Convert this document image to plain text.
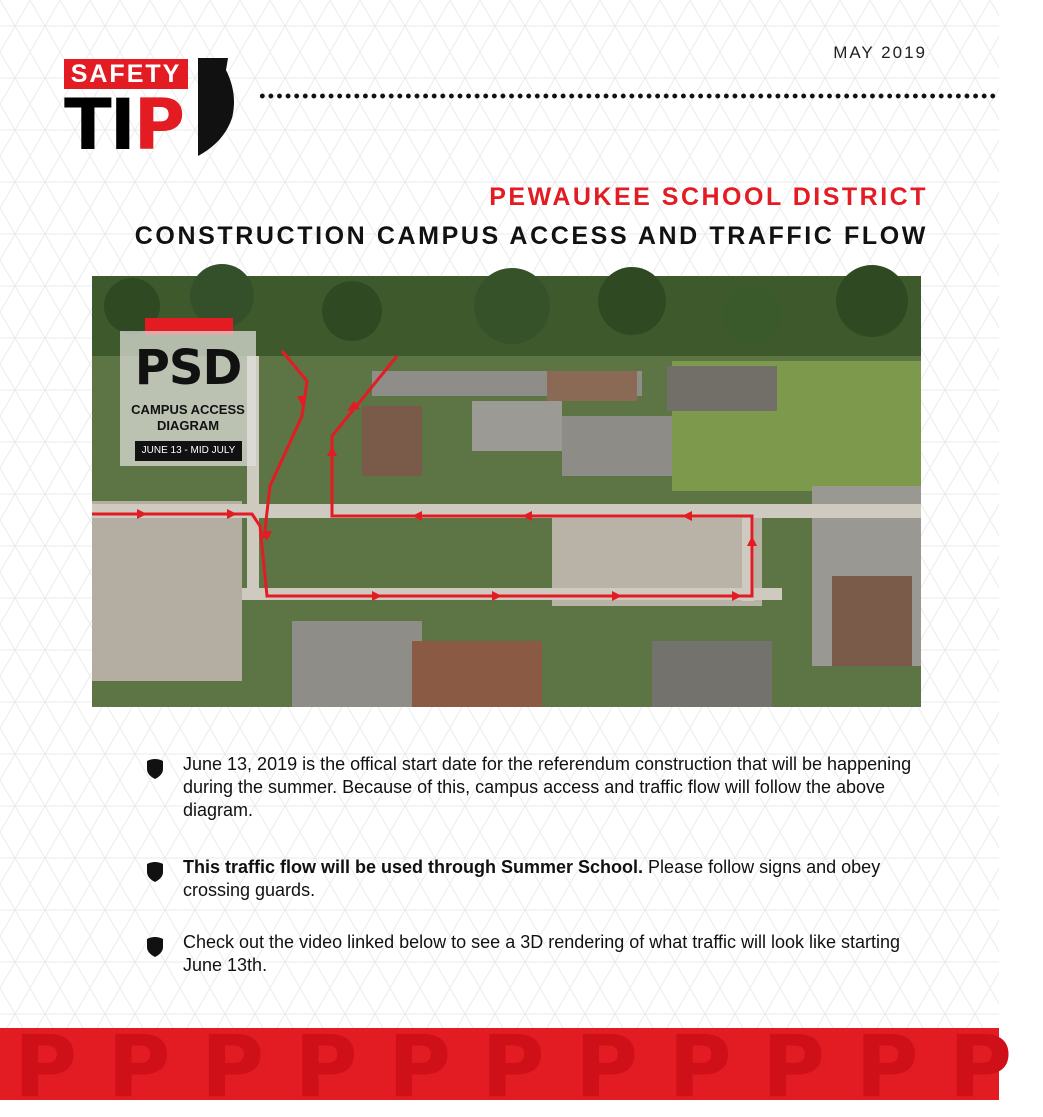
MAY 2019
SAFETY
TIP
PEWAUKEE SCHOOL DISTRICT
CONSTRUCTION CAMPUS ACCESS AND TRAFFIC FLOW
PSD
CAMPUS ACCESS
DIAGRAM
JUNE 13 - MID JULY
June 13, 2019 is the offical start date for the referendum construction that will be happening during the summer. Because of this, campus access and traffic flow will follow the above diagram.
This traffic flow will be used through Summer School. Please follow signs and obey crossing guards.
Check out the video linked below to see a 3D rendering of what traffic will look like starting June 13th.
P P P P P P P P P P P
